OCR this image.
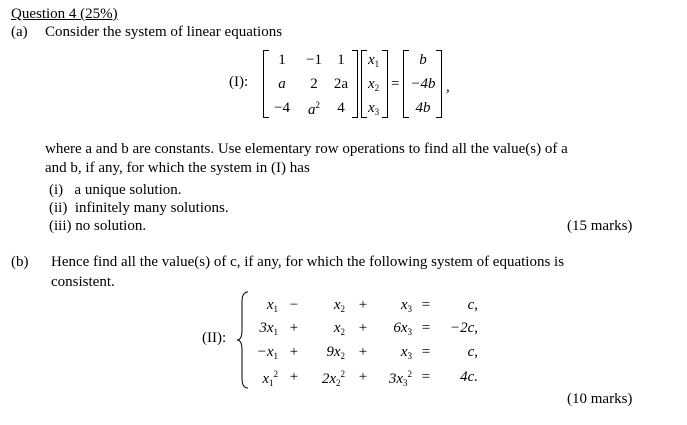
Question 4 (25%)
(a) Consider the system of linear equations
(I):
1	−1	1
a	2	2a
−4	$a^2$	4
$x_1$
$x_2$
$x_3$
=
b
−4b
4b
,
where a and b are constants. Use elementary row operations to find all the value(s) of a
and b, if any, for which the system in (I) has
(i)   a unique solution.
(ii)  infinitely many solutions.
(iii) no solution.	(15 marks)
(b) Hence find all the value(s) of c, if any, for which the following system of equations is
consistent.
(II):
$x_1$ −	$x_2$ +	$x_3$ =	c,
$3x_1$ +	$x_2$ +	$6x_3$ =	−2c,
$-x_1$ +	$9x_2$ +	$x_3$ =	c,
$x_1^2$ +	$2x_2^2$ +	$3x_3^2$ =	4c.
(10 marks)
